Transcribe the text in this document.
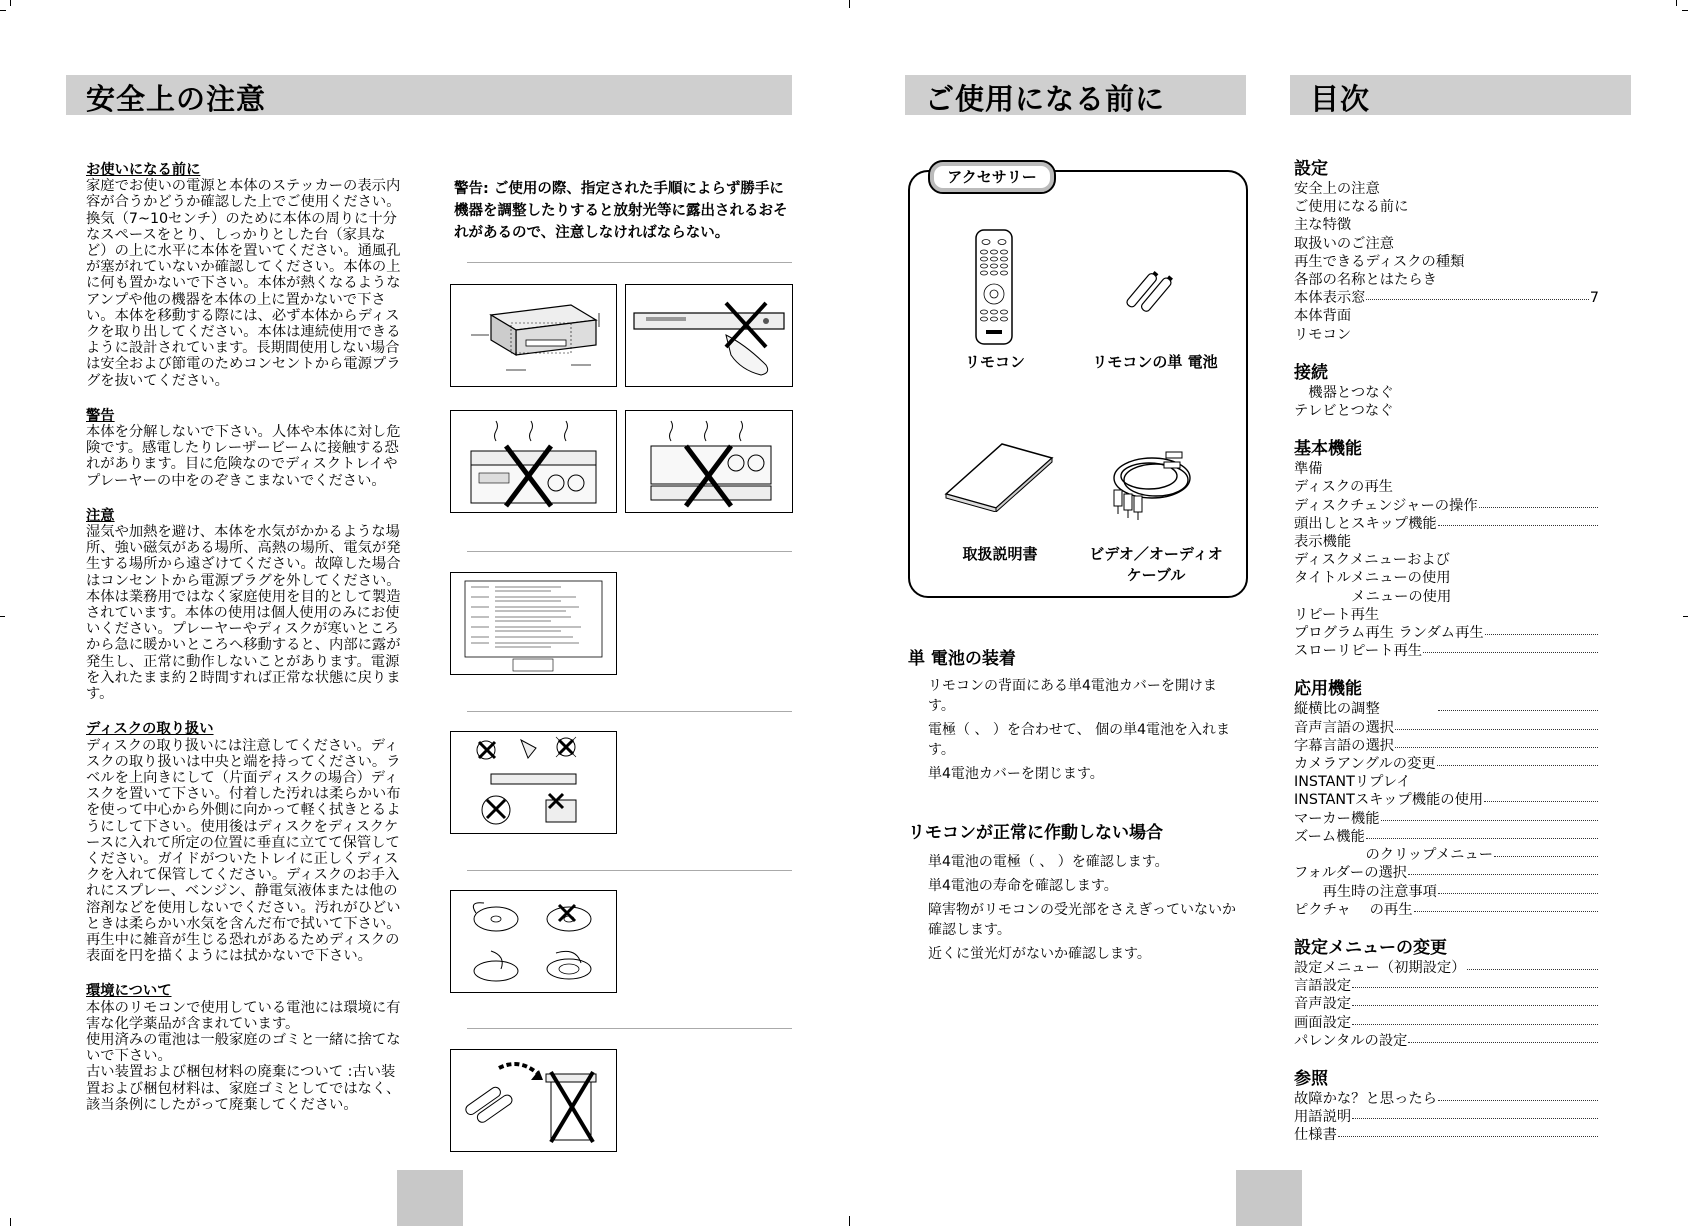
安全上の注意
お使いになる前に
家庭でお使いの電源と本体のステッカーの表示内容が合うかどうか確認した上でご使用ください。 換気（7~10センチ）のために本体の周りに十分なスペースをとり、しっかりとした台（家具など）の上に水平に本体を置いてください。通風孔が塞がれていないか確認してください。本体の上に何も置かないで下さい。本体が熱くなるようなアンプや他の機器を本体の上に置かないで下さい。本体を移動する際には、必ず本体からディスクを取り出してください。本体は連続使用できるように設計されています。長期間使用しない場合は安全および節電のためコンセントから電源プラグを抜いてください。
警告
本体を分解しないで下さい。人体や本体に対し危険です。感電したりレーザービームに接触する恐れがあります。目に危険なのでディスクトレイやプレーヤーの中をのぞきこまないでください。
注意
湿気や加熱を避け、本体を水気がかかるような場所、強い磁気がある場所、高熱の場所、電気が発生する場所から遠ざけてください。故障した場合はコンセントから電源プラグを外してください。本体は業務用ではなく家庭使用を目的として製造されています。本体の使用は個人使用のみにお使いください。プレーヤーやディスクが寒いところから急に暖かいところへ移動すると、内部に露が発生し、正常に動作しないことがあります。電源を入れたまま約２時間すれば正常な状態に戻ります。
ディスクの取り扱い
ディスクの取り扱いには注意してください。ディスクの取り扱いは中央と端を持ってください。ラベルを上向きにして（片面ディスクの場合）ディスクを置いて下さい。付着した汚れは柔らかい布を使って中心から外側に向かって軽く拭きとるようにして下さい。使用後はディスクをディスクケースに入れて所定の位置に垂直に立てて保管してください。ガイドがついたトレイに正しくディスクを入れて保管してください。ディスクのお手入れにスプレー、ベンジン、静電気液体または他の溶剤などを使用しないでください。汚れがひどいときは柔らかい水気を含んだ布で拭いて下さい。再生中に雑音が生じる恐れがあるためディスクの表面を円を描くようには拭かないで下さい。
環境について
本体のリモコンで使用している電池には環境に有害な化学薬品が含まれています。
使用済みの電池は一般家庭のゴミと一緒に捨てないで下さい。
古い装置および梱包材料の廃棄について :古い装置および梱包材料は、家庭ゴミとしてではなく、該当条例にしたがって廃棄してください。
警告: ご使用の際、指定された手順によらず勝手に機器を調整したりすると放射光等に露出されるおそれがあるので、注意しなければならない。
ご使用になる前に
アクセサリー
リモコン	リモコンの単 電池
取扱説明書	ビデオ／オーディオ
ケーブル
単 電池の装着
リモコンの背面にある単4電池カバーを開けます。
電極（ 、 ）を合わせて、 個の単4電池を入れます。
単4電池カバーを閉じます。
リモコンが正常に作動しない場合
単4電池の電極（ 、 ）を確認します。
単4電池の寿命を確認します。
障害物がリモコンの受光部をさえぎっていないか確認します。
近くに蛍光灯がないか確認します。
目次
設定
安全上の注意
ご使用になる前に
主な特徴
取扱いのご注意
再生できるディスクの種類
各部の名称とはたらき
本体表示窓	7
本体背面
リモコン
接続
　機器とつなぐ
テレビとつなぐ
基本機能
準備
ディスクの再生
ディスクチェンジャーの操作
頭出しとスキップ機能
表示機能
ディスクメニューおよび
タイトルメニューの使用
　　　　メニューの使用
リピート再生
プログラム再生 ランダム再生
スローリピート再生
応用機能
縦横比の調整　　　　
音声言語の選択
字幕言語の選択
カメラアングルの変更
INSTANTリプレイ
INSTANTスキップ機能の使用
マーカー機能
ズーム機能
　　　　　のクリップメニュー
フォルダーの選択
　　再生時の注意事項
ピクチャ　 の再生
設定メニューの変更
設定メニュー（初期設定）
言語設定
音声設定
画面設定
パレンタルの設定
参照
故障かな？と思ったら
用語説明
仕様書
